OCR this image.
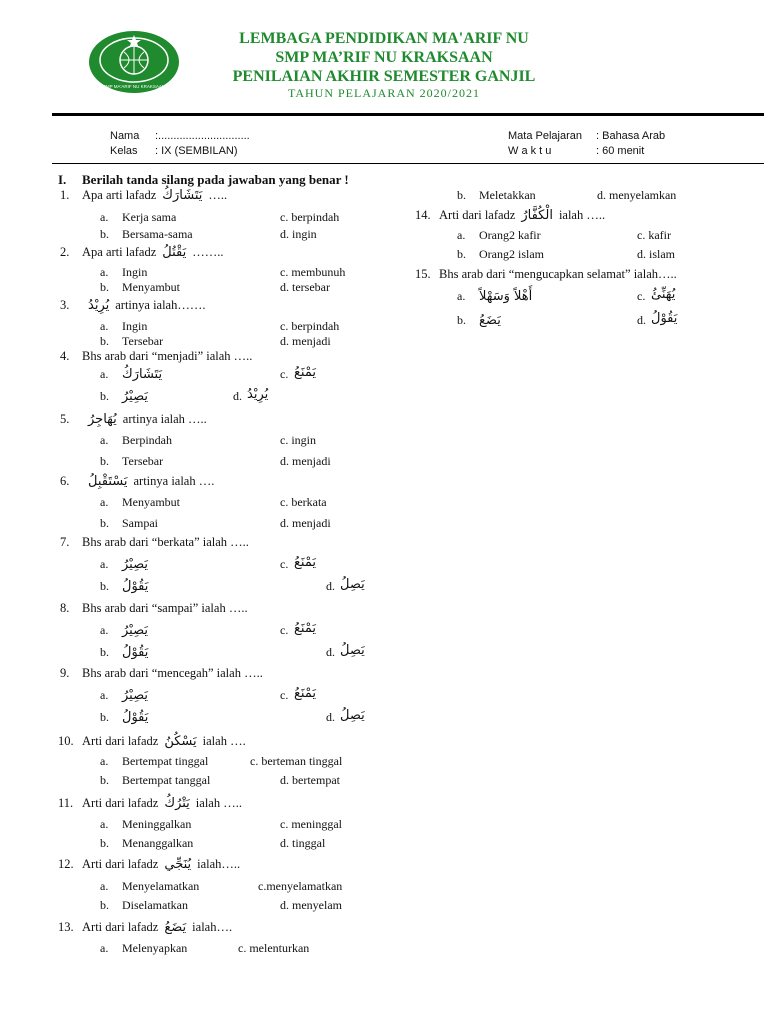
SMP MA'ARIF NU KRAKSAAN
LEMBAGA PENDIDIKAN MA'ARIF NU
SMP MA’RIF NU KRAKSAAN
PENILAIAN AKHIR SEMESTER GANJIL
TAHUN PELAJARAN 2020/2021
Nama :..............................
Kelas : IX (SEMBILAN)
Mata Pelajaran : Bahasa Arab
W a k t u	: 60 menit
I. Berilah tanda silang pada jawaban yang benar !
1. Apa arti lafadz يَتَشَارَكُ …..
a. Kerja sama
b. Bersama-sama
c. berpindah
d. ingin
2. Apa arti lafadz يَقْتُلُ ……..
a. Ingin
b. Menyambut
c. membunuh
d. tersebar
3.	يُرِيْدُ artinya ialah…….
a. Ingin
b. Tersebar
c. berpindah
d. menjadi
4. Bhs arab dari “menjadi” ialah …..
a. يَتَشَارَكُ
b. يَصِيْرُ
c. يَمْنَعُ
d. يُرِيْدُ
5.	يُهَاجِرُ artinya ialah …..
a. Berpindah
b. Tersebar
c. ingin
d. menjadi
6.	يَسْتَقْبِلُ artinya ialah ….
a. Menyambut
b. Sampai
c. berkata
d. menjadi
7. Bhs arab dari “berkata” ialah …..
a. يَصِيْرُ
b. يَقُوْلُ
c. يَمْنَعُ
d. يَصِلُ
8. Bhs arab dari “sampai” ialah …..
a. يَصِيْرُ
b. يَقُوْلُ
c. يَمْنَعُ
d. يَصِلُ
9. Bhs arab dari “mencegah” ialah …..
a. يَصِيْرُ
b. يَقُوْلُ
c. يَمْنَعُ
d. يَصِلُ
10. Arti dari lafadz يَسْكُنُ ialah ….
a. Bertempat tinggal
b. Bertempat tanggal
c. berteman tinggal
d. bertempat
11. Arti dari lafadz يَتْرُكُ ialah …..
a. Meninggalkan
b. Menanggalkan
c. meninggal
d. tinggal
12. Arti dari lafadz يُنَجِّي ialah…..
a. Menyelamatkan
b. Diselamatkan
c.menyelamatkan
d. menyelam
13. Arti dari lafadz يَضَعُ ialah….
a. Melenyapkan
b. Meletakkan
c. melenturkan
d. menyelamkan
14. Arti dari lafadz الْكُفَّارُ ialah …..
a. Orang2 kafir
b. Orang2 islam
c. kafir
d. islam
15. Bhs arab dari “mengucapkan selamat” ialah…..
a. أَهْلاً وَسَهْلاً
b. يَضَعُ
c. يُهَنِّئُ
d. يَقُوْلُ
